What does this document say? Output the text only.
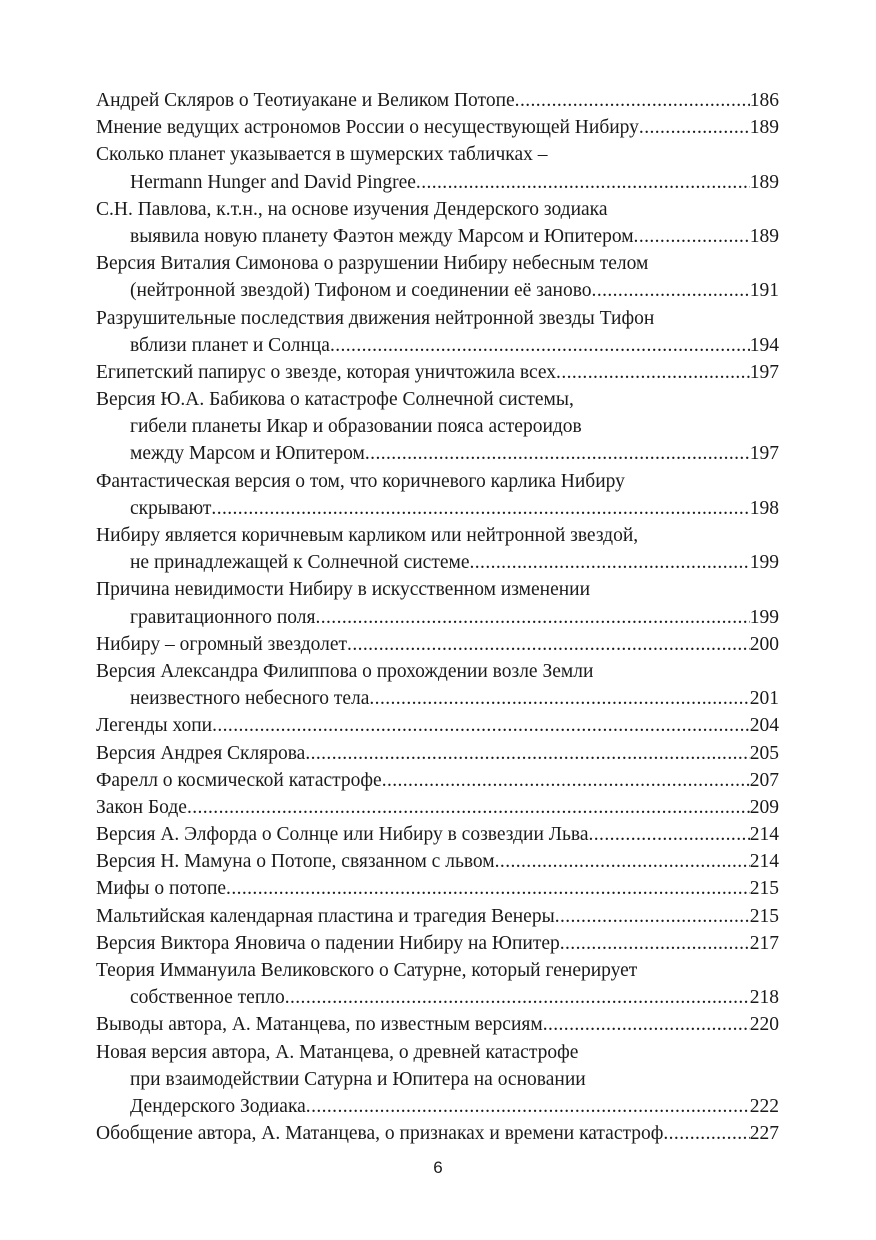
Андрей Скляров о Теотиуакане и Великом Потопе .....	186
Мнение ведущих астрономов России о несуществующей Нибиру .....	189
Сколько планет указывается в шумерских табличках –
Hermann Hunger and David Pingree .....	189
С.Н. Павлова, к.т.н., на основе изучения Дендерского зодиака
выявила новую планету Фаэтон между Марсом и Юпитером .....	189
Версия Виталия Симонова о разрушении Нибиру небесным телом
(нейтронной звездой) Тифоном и соединении её заново .....	191
Разрушительные последствия движения нейтронной звезды Тифон
вблизи планет и Солнца .....	194
Египетский папирус о звезде, которая уничтожила всех .....	197
Версия Ю.А. Бабикова о катастрофе Солнечной системы,
гибели планеты Икар и образовании пояса астероидов
между Марсом и Юпитером .....	197
Фантастическая версия о том, что коричневого карлика Нибиру
скрывают .....	198
Нибиру является коричневым карликом или нейтронной звездой,
не принадлежащей к Солнечной системе .....	199
Причина невидимости Нибиру в искусственном изменении
гравитационного поля .....	199
Нибиру – огромный звездолет .....	200
Версия Александра Филиппова о прохождении возле Земли
неизвестного небесного тела .....	201
Легенды хопи .....	204
Версия Андрея Склярова .....	205
Фарелл о космической катастрофе .....	207
Закон Боде .....	209
Версия А. Элфорда о Солнце или Нибиру в созвездии Льва .....	214
Версия Н. Мамуна о Потопе, связанном с львом .....	214
Мифы о потопе .....	215
Мальтийская календарная пластина и трагедия Венеры .....	215
Версия Виктора Яновича о падении Нибиру на Юпитер .....	217
Теория Иммануила Великовского о Сатурне, который генерирует
собственное тепло .....	218
Выводы автора, А. Матанцева, по известным версиям .....	220
Новая версия автора, А. Матанцева, о древней катастрофе
при взаимодействии Сатурна и Юпитера на основании
Дендерского Зодиака .....	222
Обобщение автора, А. Матанцева, о признаках и времени катастроф .....	227
6
